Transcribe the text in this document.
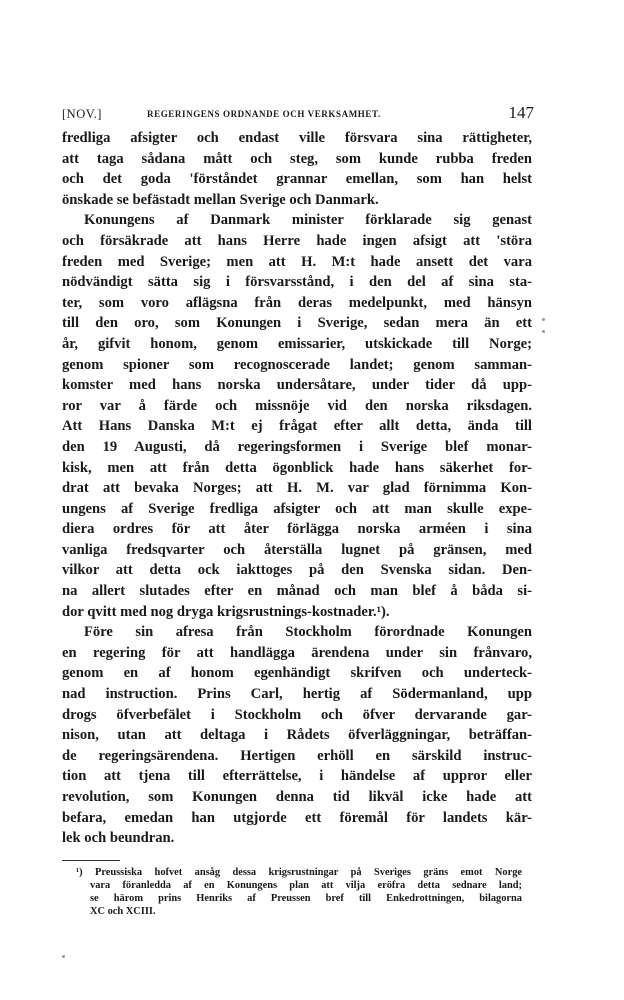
[NOV.]	REGERINGENS ORDNANDE OCH VERKSAMHET.	147
fredliga afsigter och endast ville försvara sina rättigheter,
att taga sådana mått och steg, som kunde rubba freden
och det goda 'förståndet grannar emellan, som han helst
önskade se befästadt mellan Sverige och Danmark.
Konungens af Danmark minister förklarade sig genast
och försäkrade att hans Herre hade ingen afsigt att 'störa
freden med Sverige; men att H. M:t hade ansett det vara
nödvändigt sätta sig i försvarsstånd, i den del af sina sta-
ter, som voro aflägsna från deras medelpunkt, med hänsyn
till den oro, som Konungen i Sverige, sedan mera än ett
år, gifvit honom, genom emissarier, utskickade till Norge;
genom spioner som recognoscerade landet; genom samman-
komster med hans norska undersåtare, under tider då upp-
ror var å färde och missnöje vid den norska riksdagen.
Att Hans Danska M:t ej frågat efter allt detta, ända till
den 19 Augusti, då regeringsformen i Sverige blef monar-
kisk, men att från detta ögonblick hade hans säkerhet for-
drat att bevaka Norges; att H. M. var glad förnimma Kon-
ungens af Sverige fredliga afsigter och att man skulle expe-
diera ordres för att åter förlägga norska arméen i sina
vanliga fredsqvarter och återställa lugnet på gränsen, med
vilkor att detta ock iakttoges på den Svenska sidan. Den-
na allert slutades efter en månad och man blef å båda si-
dor qvitt med nog dryga krigsrustnings-kostnader.¹).
Före sin afresa från Stockholm förordnade Konungen
en regering för att handlägga ärendena under sin frånvaro,
genom en af honom egenhändigt skrifven och underteck-
nad instruction. Prins Carl, hertig af Södermanland, upp
drogs öfverbefälet i Stockholm och öfver dervarande gar-
nison, utan att deltaga i Rådets öfverläggningar, beträffan-
de regeringsärendena. Hertigen erhöll en särskild instruc-
tion att tjena till efterrättelse, i händelse af uppror eller
revolution, som Konungen denna tid likväl icke hade att
befara, emedan han utgjorde ett föremål för landets kär-
lek och beundran.
¹) Preussiska hofvet ansåg dessa krigsrustningar på Sveriges gräns emot Norge
vara föranledda af en Konungens plan att vilja eröfra detta sednare land;
se härom prins Henriks af Preussen bref till Enkedrottningen, bilagorna
XC och XCIII.
